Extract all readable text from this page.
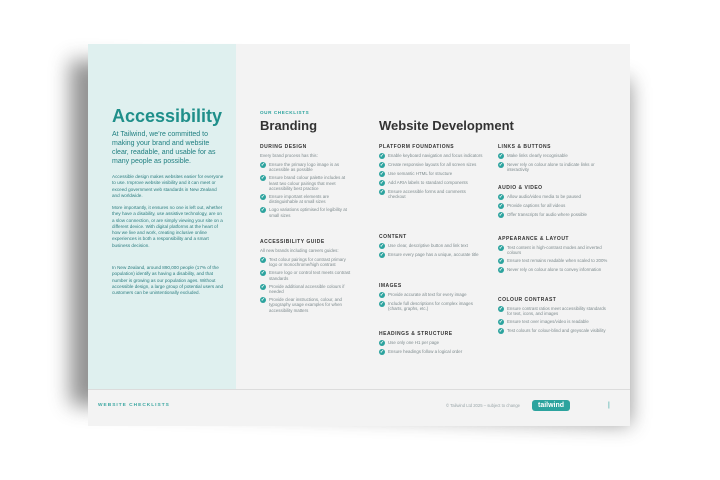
Accessibility

At Tailwind, we’re committed to making your brand and website clear, readable, and usable for as many people as possible.

Accessible design makes websites easier for everyone to use. Improve website visibility and it can meet or exceed government web standards in New Zealand and worldwide.

More importantly, it ensures no one is left out, whether they have a disability, use assistive technology, are on a slow connection, or are simply viewing your site on a different device. With digital platforms at the heart of how we live and work, creating inclusive online experiences is both a responsibility and a smart business decision.

In New Zealand, around 890,000 people (17% of the population) identify as having a disability, and that number is growing as our population ages. Without accessible design, a large group of potential users and customers can be unintentionally excluded.

OUR CHECKLISTS
Branding
DURING DESIGN

Every brand process has this:

✓ Ensure the primary logo image is as accessible as possible
✓ Ensure brand colour palette includes at least two colour pairings that meet accessibility best practice
✓ Ensure important elements are distinguishable at small sizes
✓ Logo variations optimised for legibility at small sizes
ACCESSIBILITY GUIDE

All new brands including careers guides:

✓ Text colour pairings for contrast primary logo or monochrome/high contrast
✓ Ensure logo or control text meets contrast standards
✓ Provide additional accessible colours if needed
✓ Provide clear instructions, colour, and typography usage examples for when accessibility matters
Website Development
PLATFORM FOUNDATIONS
✓ Enable keyboard navigation and focus indicators
✓ Create responsive layouts for all screen sizes
✓ Use semantic HTML for structure
✓ Add ARIA labels to standard components
✓ Ensure accessible forms and comments checkout
CONTENT
✓ Use clear, descriptive button and link text
✓ Ensure every page has a unique, accurate title
IMAGES
✓ Provide accurate alt text for every image
✓ Include full descriptions for complex images (charts, graphs, etc.)
HEADINGS & STRUCTURE
✓ Use only one H1 per page
✓ Ensure headings follow a logical order
LINKS & BUTTONS
✓ Make links clearly recognisable
✓ Never rely on colour alone to indicate links or interactivity
AUDIO & VIDEO
✓ Allow audio/video media to be paused
✓ Provide captions for all videos
✓ Offer transcripts for audio where possible
APPEARANCE & LAYOUT
✓ Test content in high-contrast modes and inverted colours
✓ Ensure text remains readable when scaled to 200%
✓ Never rely on colour alone to convey information
COLOUR CONTRAST
✓ Ensure contrast ratios meet accessibility standards for text, icons, and images
✓ Ensure text over images/video is readable
✓ Test colours for colour-blind and greyscale visibility
WEBSITE CHECKLISTS	© Tailwind Ltd 2025 – subject to change	tailwind	|
